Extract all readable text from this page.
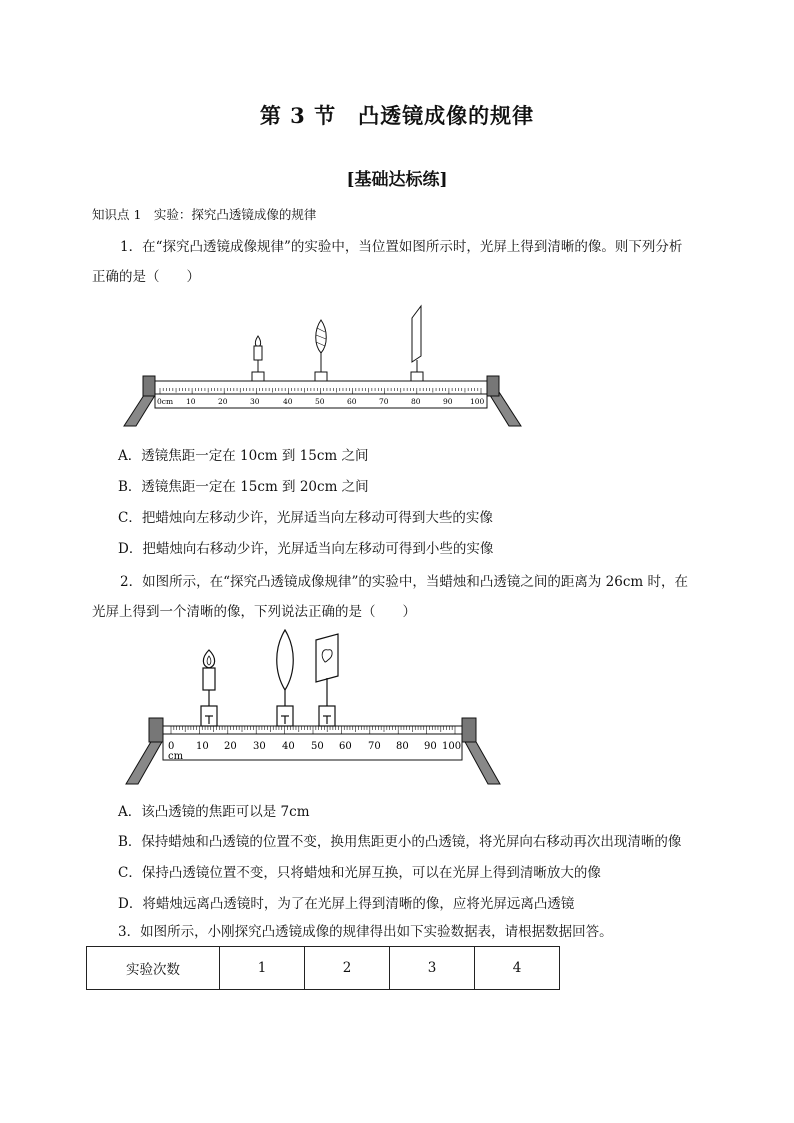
第 3 节　凸透镜成像的规律
[基础达标练]
知识点 1　实验：探究凸透镜成像的规律
1．在“探究凸透镜成像规律”的实验中，当位置如图所示时，光屏上得到清晰的像。则下列分析
正确的是（　　）
0cm 10	20	30	40	50	60	70	80	90 100
A．透镜焦距一定在 10cm 到 15cm 之间
B．透镜焦距一定在 15cm 到 20cm 之间
C．把蜡烛向左移动少许，光屏适当向左移动可得到大些的实像
D．把蜡烛向右移动少许，光屏适当向左移动可得到小些的实像
2．如图所示，在“探究凸透镜成像规律”的实验中，当蜡烛和凸透镜之间的距离为 26cm 时，在
光屏上得到一个清晰的像，下列说法正确的是（　　）
0
cm
10 20 30 40 50 60 70 80 90 100
A．该凸透镜的焦距可以是 7cm
B．保持蜡烛和凸透镜的位置不变，换用焦距更小的凸透镜，将光屏向右移动再次出现清晰的像
C．保持凸透镜位置不变，只将蜡烛和光屏互换，可以在光屏上得到清晰放大的像
D．将蜡烛远离凸透镜时，为了在光屏上得到清晰的像，应将光屏远离凸透镜
3．如图所示，小刚探究凸透镜成像的规律得出如下实验数据表，请根据数据回答。
实验次数	1	2	3	4
